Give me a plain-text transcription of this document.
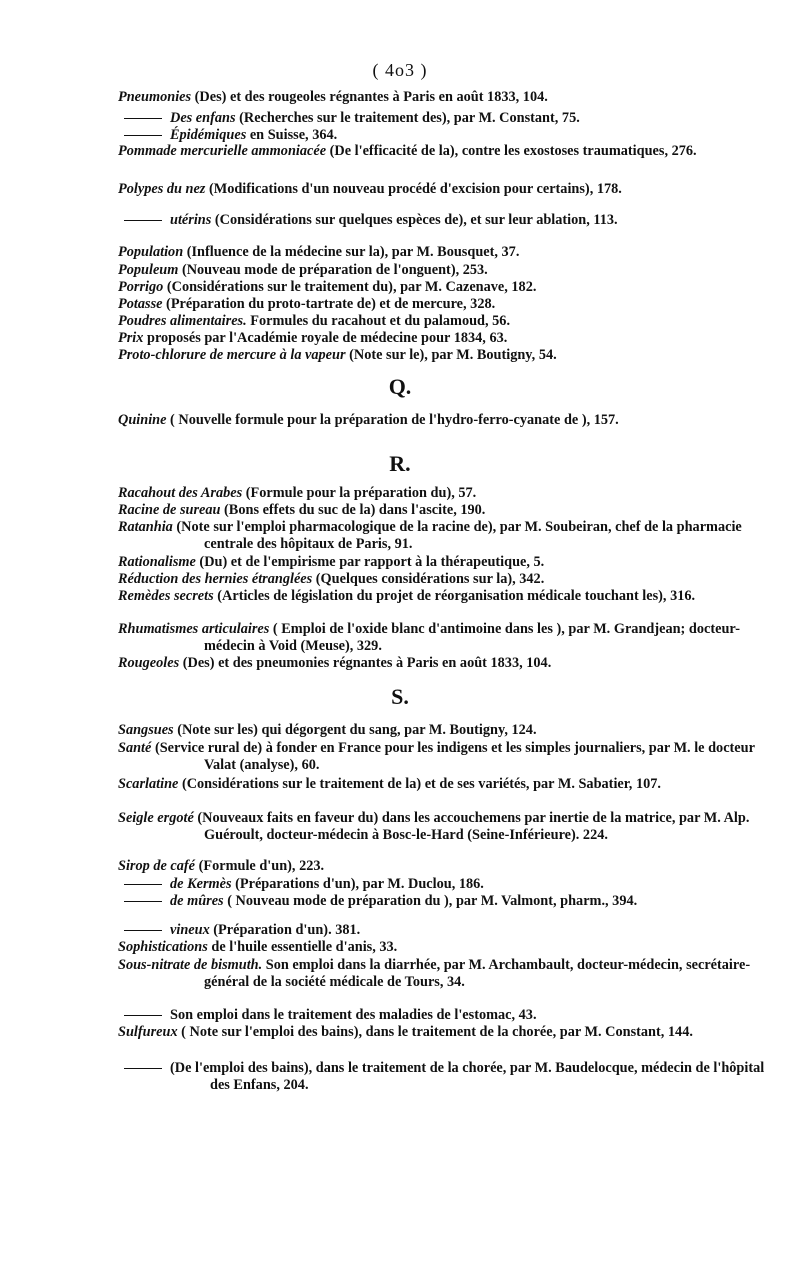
( 4o3 )
Pneumonies (Des) et des rougeoles régnantes à Paris en août 1833, 104.
Des enfans (Recherches sur le traitement des), par M. Constant, 75.
Épidémiques en Suisse, 364.
Pommade mercurielle ammoniacée (De l'efficacité de la), contre les exostoses traumatiques, 276.
Polypes du nez (Modifications d'un nouveau procédé d'excision pour certains), 178.
utérins (Considérations sur quelques espèces de), et sur leur ablation, 113.
Population (Influence de la médecine sur la), par M. Bousquet, 37.
Populeum (Nouveau mode de préparation de l'onguent), 253.
Porrigo (Considérations sur le traitement du), par M. Cazenave, 182.
Potasse (Préparation du proto-tartrate de) et de mercure, 328.
Poudres alimentaires. Formules du racahout et du palamoud, 56.
Prix proposés par l'Académie royale de médecine pour 1834, 63.
Proto-chlorure de mercure à la vapeur (Note sur le), par M. Boutigny, 54.
Q.
Quinine ( Nouvelle formule pour la préparation de l'hydro-ferro-cyanate de ), 157.
R.
Racahout des Arabes (Formule pour la préparation du), 57.
Racine de sureau (Bons effets du suc de la) dans l'ascite, 190.
Ratanhia (Note sur l'emploi pharmacologique de la racine de), par M. Soubeiran, chef de la pharmacie centrale des hôpitaux de Paris, 91.
Rationalisme (Du) et de l'empirisme par rapport à la thérapeutique, 5.
Réduction des hernies étranglées (Quelques considérations sur la), 342.
Remèdes secrets (Articles de législation du projet de réorganisation médicale touchant les), 316.
Rhumatismes articulaires ( Emploi de l'oxide blanc d'antimoine dans les ), par M. Grandjean; docteur-médecin à Void (Meuse), 329.
Rougeoles (Des) et des pneumonies régnantes à Paris en août 1833, 104.
S.
Sangsues (Note sur les) qui dégorgent du sang, par M. Boutigny, 124.
Santé (Service rural de) à fonder en France pour les indigens et les simples journaliers, par M. le docteur Valat (analyse), 60.
Scarlatine (Considérations sur le traitement de la) et de ses variétés, par M. Sabatier, 107.
Seigle ergoté (Nouveaux faits en faveur du) dans les accouchemens par inertie de la matrice, par M. Alp. Guéroult, docteur-médecin à Bosc-le-Hard (Seine-Inférieure). 224.
Sirop de café (Formule d'un), 223.
de Kermès (Préparations d'un), par M. Duclou, 186.
de mûres ( Nouveau mode de préparation du ), par M. Valmont, pharm., 394.
vineux (Préparation d'un). 381.
Sophistications de l'huile essentielle d'anis, 33.
Sous-nitrate de bismuth. Son emploi dans la diarrhée, par M. Archambault, docteur-médecin, secrétaire-général de la société médicale de Tours, 34.
Son emploi dans le traitement des maladies de l'estomac, 43.
Sulfureux ( Note sur l'emploi des bains), dans le traitement de la chorée, par M. Constant, 144.
(De l'emploi des bains), dans le traitement de la chorée, par M. Baudelocque, médecin de l'hôpital des Enfans, 204.
